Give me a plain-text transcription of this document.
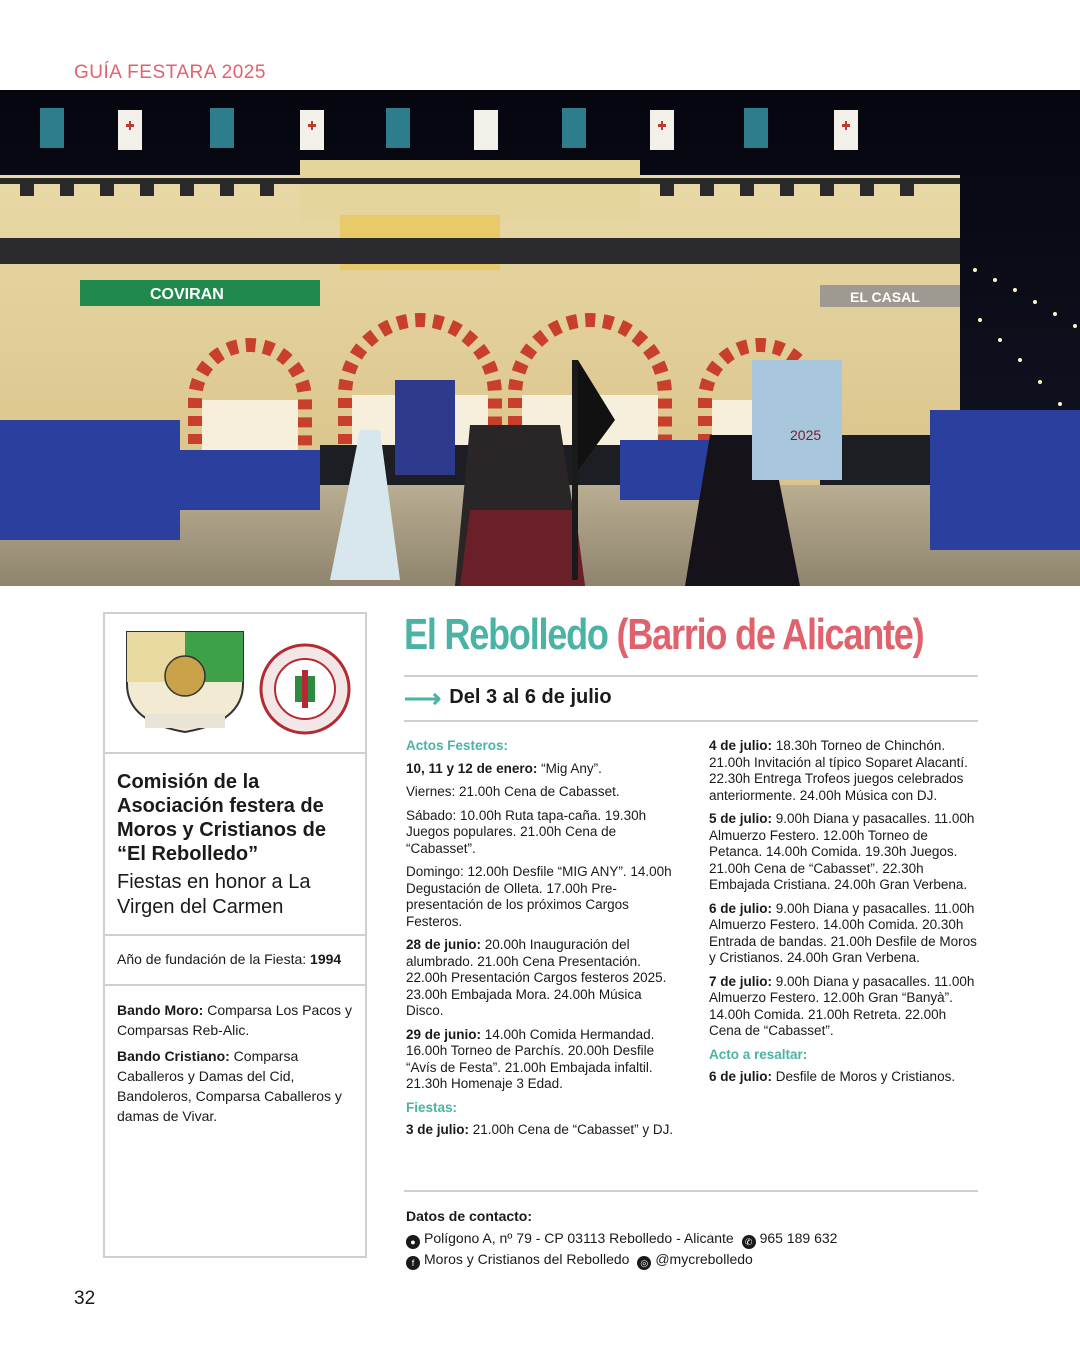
GUÍA FESTARA 2025
COVIRAN	EL CASAL
2025
Comisión de la Asociación festera de Moros y Cristianos de “El Rebolledo”
Fiestas en honor a La Virgen del Carmen
Año de fundación de la Fiesta: 1994
Bando Moro: Comparsa Los Pacos y Comparsas Reb-Alic.
Bando Cristiano: Comparsa Caballeros y Damas del Cid, Bandoleros, Comparsa Caballeros y damas de Vivar.
El Rebolledo (Barrio de Alicante)
⟶ Del 3 al 6 de julio
Actos Festeros:

10, 11 y 12 de enero: “Mig Any”.

Viernes: 21.00h Cena de Cabasset.

Sábado: 10.00h Ruta tapa-caña. 19.30h Juegos populares. 21.00h Cena de “Cabasset”.

Domingo: 12.00h Desfile “MIG ANY”. 14.00h Degustación de Olleta. 17.00h Pre-presentación de los próximos Cargos Festeros.

28 de junio: 20.00h Inauguración del alumbrado. 21.00h Cena Presentación. 22.00h Presentación Cargos festeros 2025. 23.00h Embajada Mora. 24.00h Música Disco.

29 de junio: 14.00h Comida Hermandad. 16.00h Torneo de Parchís. 20.00h Desfile “Avís de Festa”. 21.00h Embajada infaltil. 21.30h Homenaje 3 Edad.

Fiestas:

3 de julio: 21.00h Cena de “Cabasset” y DJ.

4 de julio: 18.30h Torneo de Chinchón. 21.00h Invitación al típico Soparet Alacantí. 22.30h Entrega Trofeos juegos celebrados anteriormente. 24.00h Música con DJ.

5 de julio: 9.00h Diana y pasacalles. 11.00h Almuerzo Festero. 12.00h Torneo de Petanca. 14.00h Comida. 19.30h Juegos. 21.00h Cena de “Cabasset”. 22.30h Embajada Cristiana. 24.00h Gran Verbena.

6 de julio: 9.00h Diana y pasacalles. 11.00h Almuerzo Festero. 14.00h Comida. 20.30h Entrada de bandas. 21.00h Desfile de Moros y Cristianos. 24.00h Gran Verbena.

7 de julio: 9.00h Diana y pasacalles. 11.00h Almuerzo Festero. 12.00h Gran “Banyà”. 14.00h Comida. 21.00h Retreta. 22.00h Cena de “Cabasset”.

Acto a resaltar:

6 de julio: Desfile de Moros y Cristianos.

Datos de contacto:
● Polígono A, nº 79 - CP 03113 Rebolledo - Alicante ✆ 965 189 632
f Moros y Cristianos del Rebolledo ◎ @mycrebolledo
32
